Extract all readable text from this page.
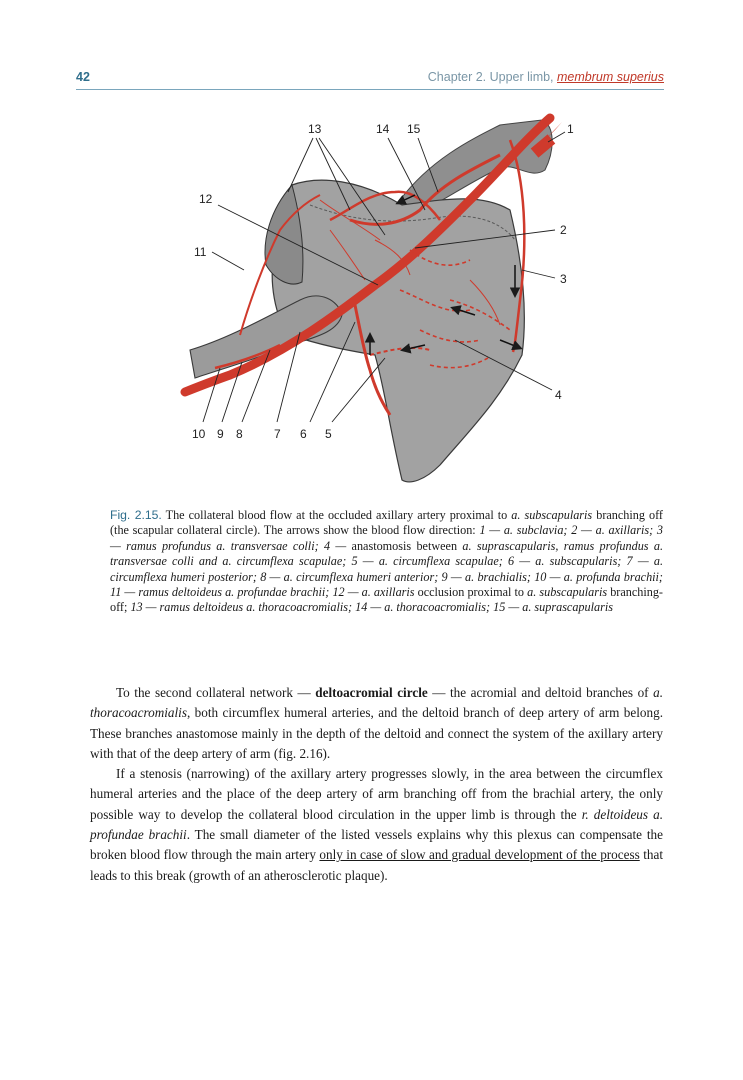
42	Chapter 2. Upper limb, membrum superius
13	14 15	1
12
2
11
3
4
10 9 8	7 6 5
Fig. 2.15. The collateral blood flow at the occluded axillary artery proximal to a. subscapularis branching off (the scapular collateral circle). The arrows show the blood flow direction: 1 — a. subclavia; 2 — a. axillaris; 3 — ramus profundus a. transversae colli; 4 — anastomosis between a. suprascapularis, ramus profundus a. transversae colli and a. circumflexa scapulae; 5 — a. circumflexa scapulae; 6 — a. subscapularis; 7 — a. circumflexa humeri posterior; 8 — a. circumflexa humeri anterior; 9 — a. brachialis; 10 — a. profunda brachii; 11 — ramus deltoideus a. profundae brachii; 12 — a. axillaris occlusion proximal to a. subscapularis branching-off; 13 — ramus deltoideus a. thoracoacromialis; 14 — a. thoracoacromialis; 15 — a. suprascapularis

To the second collateral network — deltoacromial circle — the acromial and deltoid branches of a. thoracoacromialis, both circumflex humeral arteries, and the deltoid branch of deep artery of arm belong. These branches anastomose mainly in the depth of the deltoid and connect the system of the axillary artery with that of the deep artery of arm (fig. 2.16).

If a stenosis (narrowing) of the axillary artery progresses slowly, in the area between the circumflex humeral arteries and the place of the deep artery of arm branching off from the brachial artery, the only possible way to develop the collateral blood circulation in the upper limb is through the r. deltoideus a. profundae brachii. The small diameter of the listed vessels explains why this plexus can compensate the broken blood flow through the main artery only in case of slow and gradual development of the process that leads to this break (growth of an atherosclerotic plaque).
